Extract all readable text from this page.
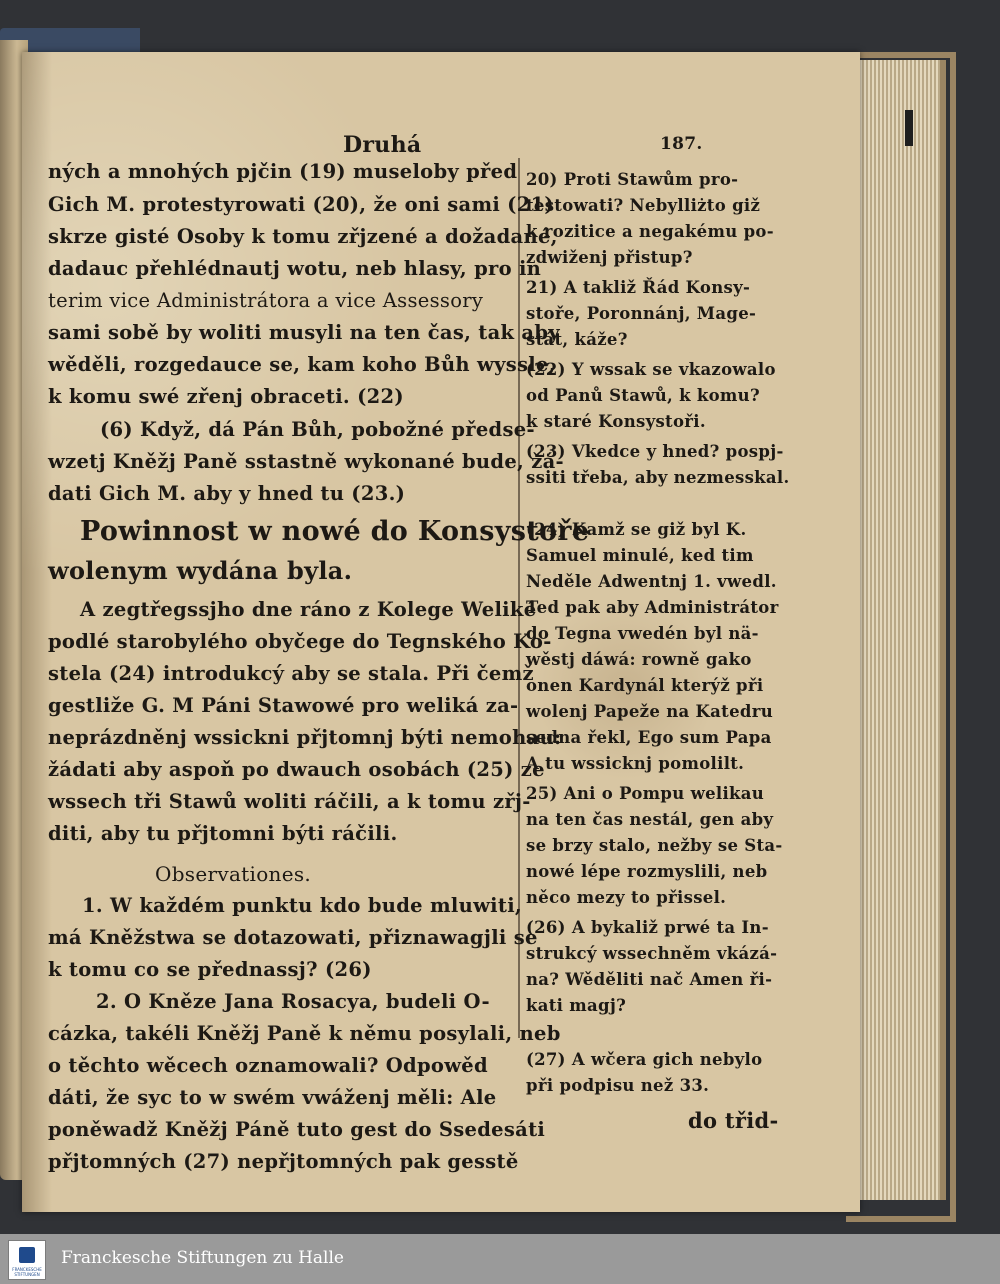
Druhá	187.
ných a mnohých pjčin (19) museloby před
Gich M. protestyrowati (20), že oni sami (21)
skrze gisté Osoby k tomu zřjzené a dožadané,
dadauc přehlédnautj wotu, neb hlasy, pro in
terim vice Administrátora a vice Assessory
sami sobě by woliti musyli na ten čas, tak aby
wěděli, rozgedauce se, kam koho Bůh wyssle,
k komu swé zřenj obraceti. (22)
(6) Když, dá Pán Bůh, pobožné předse-
wzetj Kněžj Paně sstastně wykonané bude, žá-
dati Gich M. aby y hned tu (23.)
Powinnost w nowé do Konsystoře
wolenym wydána byla.
A zegtřegssjho dne ráno z Kolege Weliké
podlé starobylého obyčege do Tegnského Ko-
stela (24) introdukcý aby se stala. Při čemž
gestliže G. M Páni Stawowé pro weliká za-
neprázdněnj wssickni přjtomnj býti nemohau:
žádati aby aspoň po dwauch osobách (25) ze
wssech tři Stawů woliti ráčili, a k tomu zřj-
diti, aby tu přjtomni býti ráčili.
Observationes.
1. W každém punktu kdo bude mluwiti,
má Kněžstwa se dotazowati, přiznawagjli se
k tomu co se přednassj? (26)
2. O Kněze Jana Rosacya, budeli O-
cázka, takéli Kněžj Paně k němu posylali, neb
o těchto wěcech oznamowali? Odpowěd
dáti, že syc to w swém vwáženj měli: Ale
poněwadž Kněžj Páně tuto gest do Ssedesáti
přjtomných (27) nepřjtomných pak gesstě
20) Proti Stawům pro-
testowati? Nebylliżto giž
k rozitice a negakému po-
zdwiženj přistup?
21) A takliž Řád Konsy-
stoře, Poronnánj, Mage-
stát, káže?
(22) Y wssak se vkazowalo
od Panů Stawů, k komu?
k staré Konsystoři.
(23) Vkedce y hned? pospj-
ssiti třeba, aby nezmesskal.
(24) Kamž se giž byl K.
Samuel minulé, ked tim
Neděle Adwentnj 1. vwedl.
Ted pak aby Administrátor
do Tegna vwedén byl nä-
wěstj dáwá: rowně gako
onen Kardynál kterýž při
wolenj Papeže na Katedru
sedna řekl, Ego sum Papa
A tu wssicknj pomolilt.
25) Ani o Pompu welikau
na ten čas nestál, gen aby
se brzy stalo, nežby se Sta-
nowé lépe rozmyslili, neb
něco mezy to přissel.
(26) A bykaliž prwé ta In-
strukcý wssechněm vkázá-
na? Wěděliti nač Amen ři-
kati magj?
(27) A wčera gich nebylo
při podpisu než 33.
do třid-
FRANCKESCHE STIFTUNGEN
Franckesche Stiftungen zu Halle
